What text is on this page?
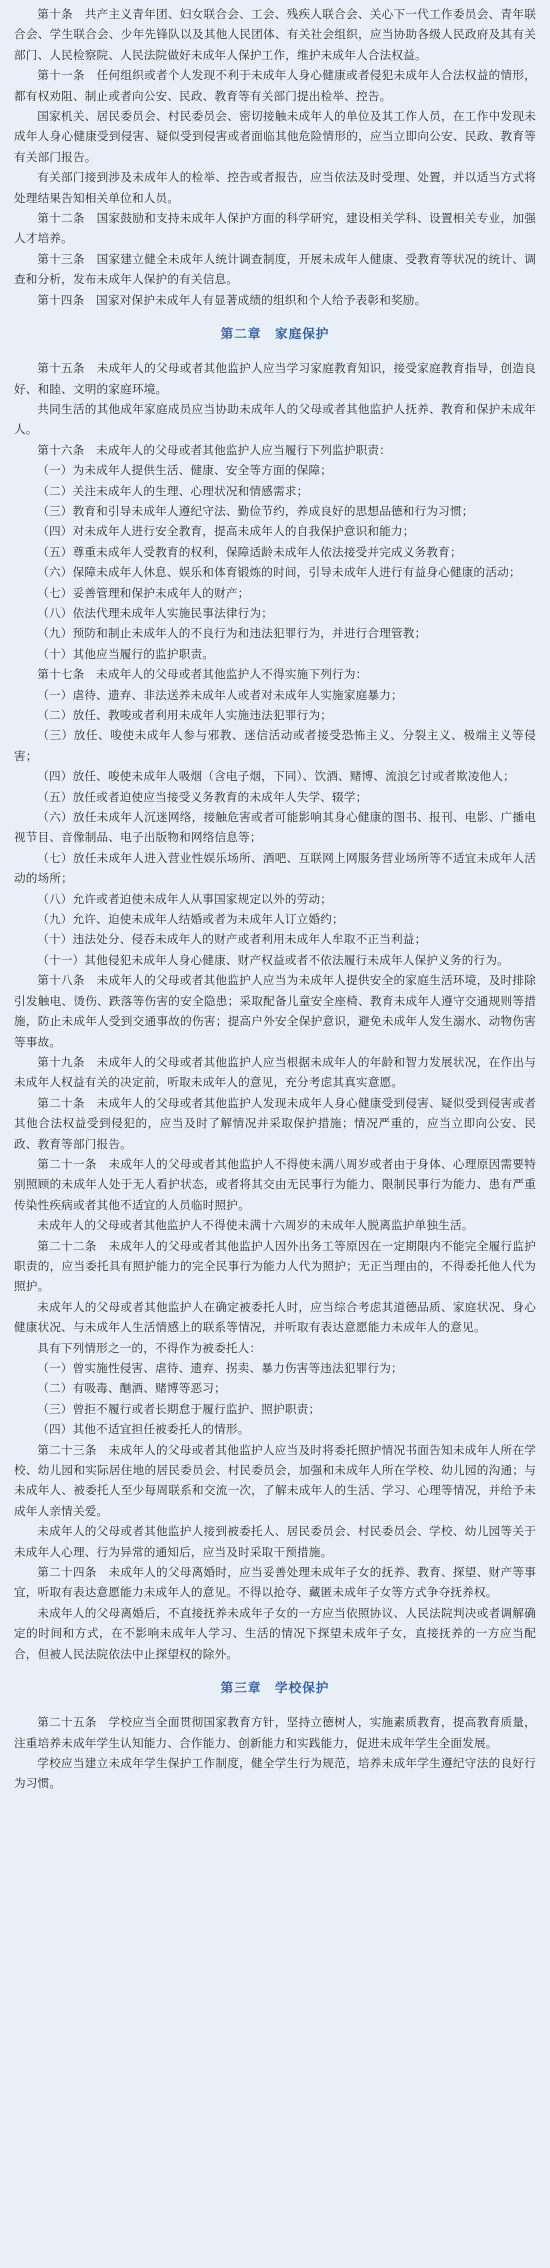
第十条　共产主义青年团、妇女联合会、工会、残疾人联合会、关心下一代工作委员会、青年联合会、学生联合会、少年先锋队以及其他人民团体、有关社会组织，应当协助各级人民政府及其有关部门、人民检察院、人民法院做好未成年人保护工作，维护未成年人合法权益。

第十一条　任何组织或者个人发现不利于未成年人身心健康或者侵犯未成年人合法权益的情形，都有权劝阻、制止或者向公安、民政、教育等有关部门提出检举、控告。

国家机关、居民委员会、村民委员会、密切接触未成年人的单位及其工作人员，在工作中发现未成年人身心健康受到侵害、疑似受到侵害或者面临其他危险情形的，应当立即向公安、民政、教育等有关部门报告。

有关部门接到涉及未成年人的检举、控告或者报告，应当依法及时受理、处置，并以适当方式将处理结果告知相关单位和人员。

第十二条　国家鼓励和支持未成年人保护方面的科学研究，建设相关学科、设置相关专业，加强人才培养。

第十三条　国家建立健全未成年人统计调查制度，开展未成年人健康、受教育等状况的统计、调查和分析，发布未成年人保护的有关信息。

第十四条　国家对保护未成年人有显著成绩的组织和个人给予表彰和奖励。

第二章　家庭保护

第十五条　未成年人的父母或者其他监护人应当学习家庭教育知识，接受家庭教育指导，创造良好、和睦、文明的家庭环境。

共同生活的其他成年家庭成员应当协助未成年人的父母或者其他监护人抚养、教育和保护未成年人。

第十六条　未成年人的父母或者其他监护人应当履行下列监护职责：

（一）为未成年人提供生活、健康、安全等方面的保障；

（二）关注未成年人的生理、心理状况和情感需求；

（三）教育和引导未成年人遵纪守法、勤俭节约，养成良好的思想品德和行为习惯；

（四）对未成年人进行安全教育，提高未成年人的自我保护意识和能力；

（五）尊重未成年人受教育的权利，保障适龄未成年人依法接受并完成义务教育；

（六）保障未成年人休息、娱乐和体育锻炼的时间，引导未成年人进行有益身心健康的活动；

（七）妥善管理和保护未成年人的财产；

（八）依法代理未成年人实施民事法律行为；

（九）预防和制止未成年人的不良行为和违法犯罪行为，并进行合理管教；

（十）其他应当履行的监护职责。

第十七条　未成年人的父母或者其他监护人不得实施下列行为：

（一）虐待、遗弃、非法送养未成年人或者对未成年人实施家庭暴力；

（二）放任、教唆或者利用未成年人实施违法犯罪行为；

（三）放任、唆使未成年人参与邪教、迷信活动或者接受恐怖主义、分裂主义、极端主义等侵害；

（四）放任、唆使未成年人吸烟（含电子烟，下同）、饮酒、赌博、流浪乞讨或者欺凌他人；

（五）放任或者迫使应当接受义务教育的未成年人失学、辍学；

（六）放任未成年人沉迷网络，接触危害或者可能影响其身心健康的图书、报刊、电影、广播电视节目、音像制品、电子出版物和网络信息等；

（七）放任未成年人进入营业性娱乐场所、酒吧、互联网上网服务营业场所等不适宜未成年人活动的场所；

（八）允许或者迫使未成年人从事国家规定以外的劳动；

（九）允许、迫使未成年人结婚或者为未成年人订立婚约；

（十）违法处分、侵吞未成年人的财产或者利用未成年人牟取不正当利益；

（十一）其他侵犯未成年人身心健康、财产权益或者不依法履行未成年人保护义务的行为。

第十八条　未成年人的父母或者其他监护人应当为未成年人提供安全的家庭生活环境，及时排除引发触电、烫伤、跌落等伤害的安全隐患；采取配备儿童安全座椅、教育未成年人遵守交通规则等措施，防止未成年人受到交通事故的伤害；提高户外安全保护意识，避免未成年人发生溺水、动物伤害等事故。

第十九条　未成年人的父母或者其他监护人应当根据未成年人的年龄和智力发展状况，在作出与未成年人权益有关的决定前，听取未成年人的意见，充分考虑其真实意愿。

第二十条　未成年人的父母或者其他监护人发现未成年人身心健康受到侵害、疑似受到侵害或者其他合法权益受到侵犯的，应当及时了解情况并采取保护措施；情况严重的，应当立即向公安、民政、教育等部门报告。

第二十一条　未成年人的父母或者其他监护人不得使未满八周岁或者由于身体、心理原因需要特别照顾的未成年人处于无人看护状态，或者将其交由无民事行为能力、限制民事行为能力、患有严重传染性疾病或者其他不适宜的人员临时照护。

未成年人的父母或者其他监护人不得使未满十六周岁的未成年人脱离监护单独生活。

第二十二条　未成年人的父母或者其他监护人因外出务工等原因在一定期限内不能完全履行监护职责的，应当委托具有照护能力的完全民事行为能力人代为照护；无正当理由的，不得委托他人代为照护。

未成年人的父母或者其他监护人在确定被委托人时，应当综合考虑其道德品质、家庭状况、身心健康状况、与未成年人生活情感上的联系等情况，并听取有表达意愿能力未成年人的意见。

具有下列情形之一的，不得作为被委托人：

（一）曾实施性侵害、虐待、遗弃、拐卖、暴力伤害等违法犯罪行为；

（二）有吸毒、酗酒、赌博等恶习；

（三）曾拒不履行或者长期怠于履行监护、照护职责；

（四）其他不适宜担任被委托人的情形。

第二十三条　未成年人的父母或者其他监护人应当及时将委托照护情况书面告知未成年人所在学校、幼儿园和实际居住地的居民委员会、村民委员会，加强和未成年人所在学校、幼儿园的沟通；与未成年人、被委托人至少每周联系和交流一次，了解未成年人的生活、学习、心理等情况，并给予未成年人亲情关爱。

未成年人的父母或者其他监护人接到被委托人、居民委员会、村民委员会、学校、幼儿园等关于未成年人心理、行为异常的通知后，应当及时采取干预措施。

第二十四条　未成年人的父母离婚时，应当妥善处理未成年子女的抚养、教育、探望、财产等事宜，听取有表达意愿能力未成年人的意见。不得以抢夺、藏匿未成年子女等方式争夺抚养权。

未成年人的父母离婚后，不直接抚养未成年子女的一方应当依照协议、人民法院判决或者调解确定的时间和方式，在不影响未成年人学习、生活的情况下探望未成年子女，直接抚养的一方应当配合，但被人民法院依法中止探望权的除外。

第三章　学校保护

第二十五条　学校应当全面贯彻国家教育方针，坚持立德树人，实施素质教育，提高教育质量，注重培养未成年学生认知能力、合作能力、创新能力和实践能力，促进未成年学生全面发展。

学校应当建立未成年学生保护工作制度，健全学生行为规范，培养未成年学生遵纪守法的良好行为习惯。
